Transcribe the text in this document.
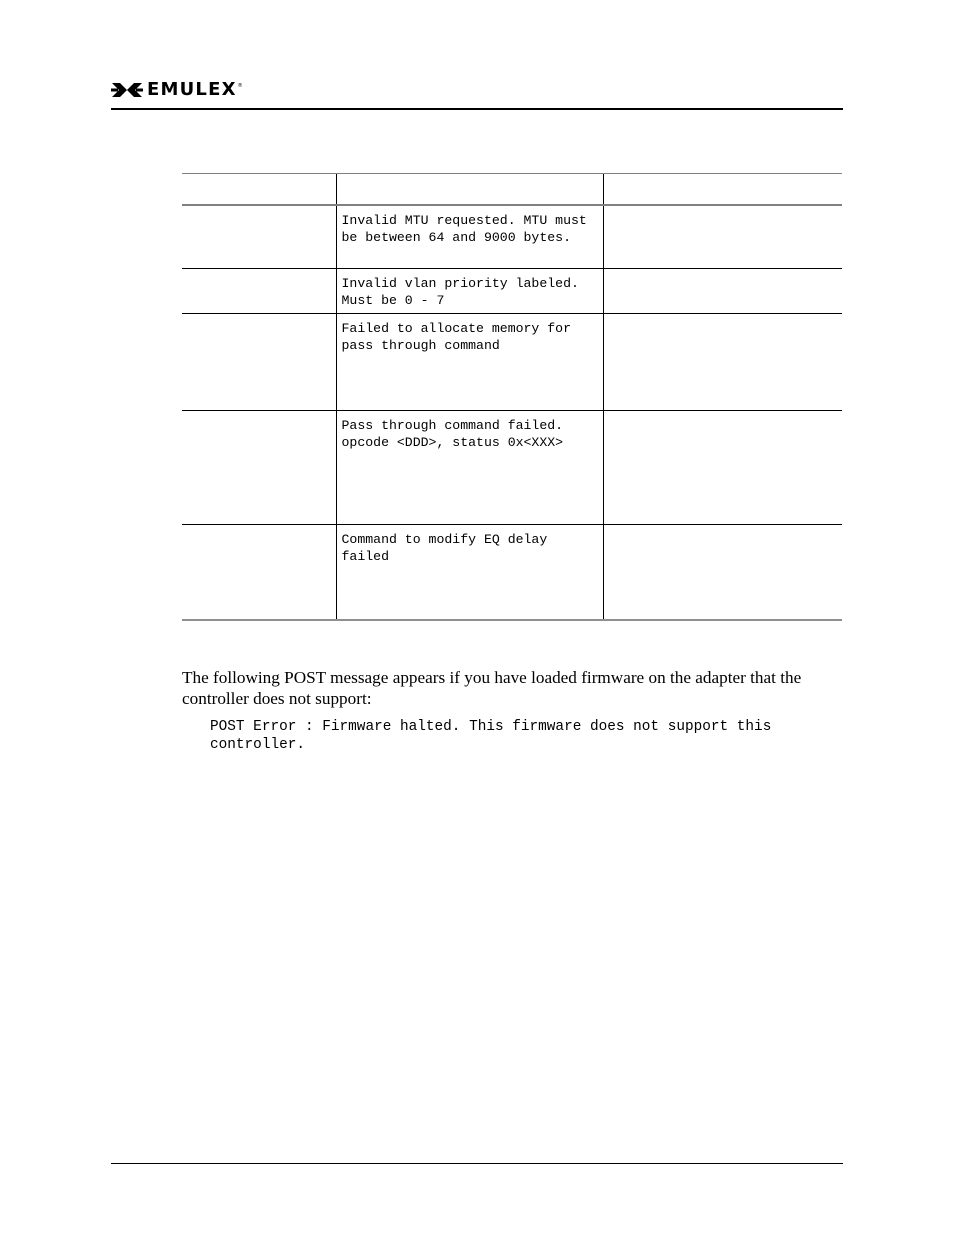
EMULEX ®

	Invalid MTU requested. MTU must be between 64 and 9000 bytes.	

	Invalid vlan priority labeled. Must be 0 - 7	

	Failed to allocate memory for pass through command	

	Pass through command failed. opcode <DDD>, status 0x<XXX>	

	Command to modify EQ delay failed	

The following POST message appears if you have loaded firmware on the adapter that the controller does not support:

POST Error : Firmware halted. This firmware does not support this controller.
